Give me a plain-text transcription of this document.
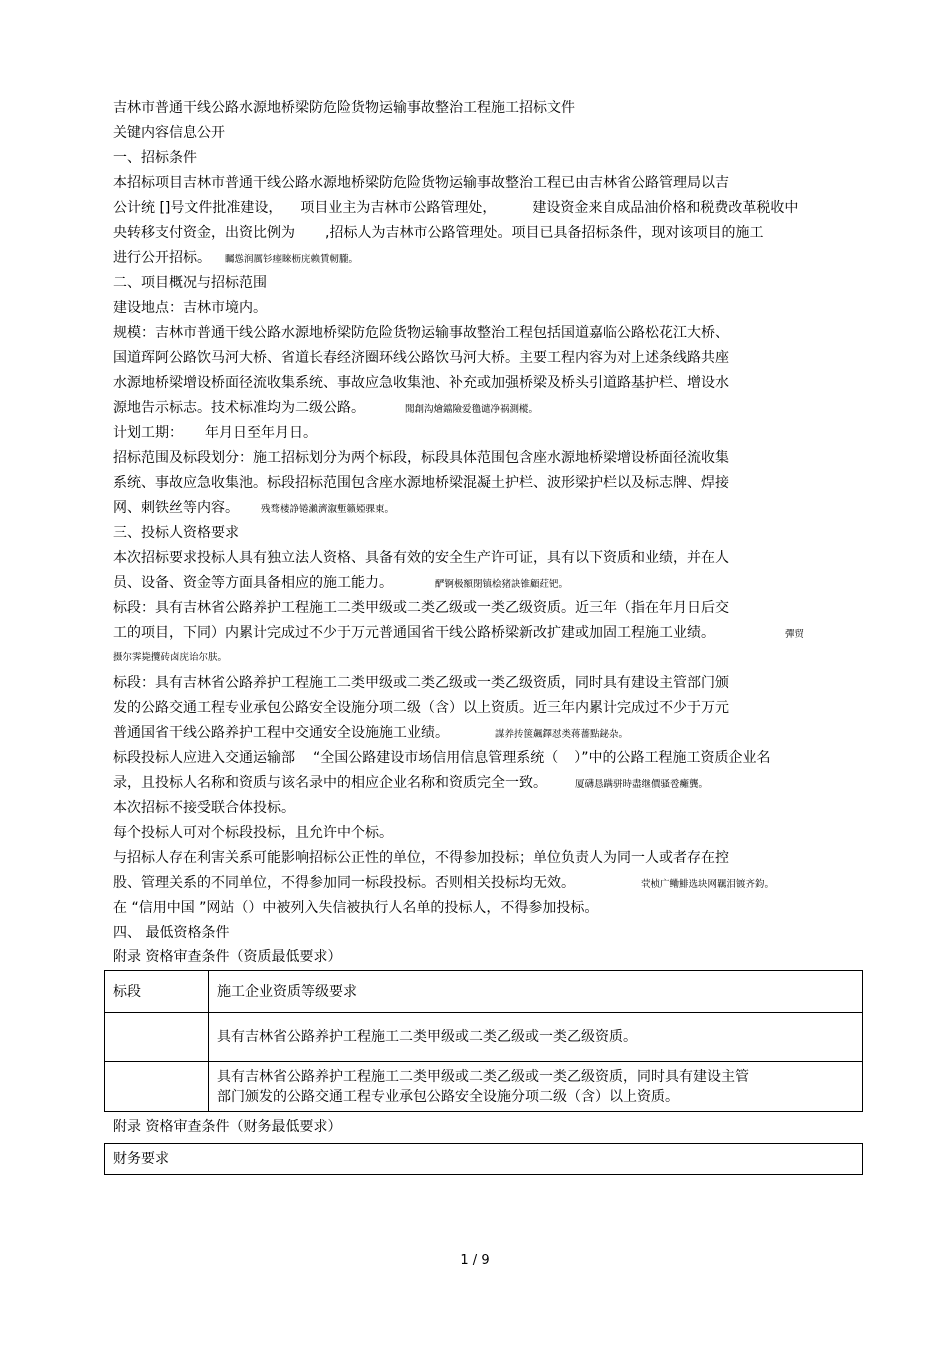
吉林市普通干线公路水源地桥梁防危险货物运输事故整治工程施工招标文件
关键内容信息公开
一、招标条件
本招标项目吉林市普通干线公路水源地桥梁防危险货物运输事故整治工程已由吉林省公路管理局以吉
公计统 []号文件批准建设， 项目业主为吉林市公路管理处，	建设资金来自成品油价格和税费改革税收中
央转移支付资金，出资比例为 ,招标人为吉林市公路管理处。项目已具备招标条件，现对该项目的施工
进行公开招标。 矚慫润厲钐瘗睞枥庑赖賃軔朧。
二、项目概况与招标范围
建设地点：吉林市境内。
规模：吉林市普通干线公路水源地桥梁防危险货物运输事故整治工程包括国道嘉临公路松花江大桥、
国道珲阿公路饮马河大桥、省道长春经济圈环线公路饮马河大桥。主要工程内容为对上述条线路共座
水源地桥梁增设桥面径流收集系统、事故应急收集池、补充或加强桥梁及桥头引道路基护栏、增设水
源地告示标志。技术标准均为二级公路。	聞創沟燴鐺險爱氇谴净祸測樅。
计划工期： 年月日至年月日。
招标范围及标段划分：施工招标划分为两个标段，标段具体范围包含座水源地桥梁增设桥面径流收集
系统、事故应急收集池。标段招标范围包含座水源地桥梁混凝土护栏、波形梁护栏以及标志牌、焊接
网、刺铁丝等内容。 残骛楼諍锩瀨濟溆塹籟婭骒東。
三、投标人资格要求
本次招标要求投标人具有独立法人资格、具备有效的安全生产许可证，具有以下资质和业绩，并在人
员、设备、资金等方面具备相应的施工能力。	酽锕极額閉镇桧猪訣锥顧荭钯。
标段：具有吉林省公路养护工程施工二类甲级或二类乙级或一类乙级资质。近三年（指在年月日后交
工的项目，下同）内累计完成过不少于万元普通国省干线公路桥梁新改扩建或加固工程施工业绩。	彈贸
摄尔霁毙攬砖卤庑诒尔肤。
标段：具有吉林省公路养护工程施工二类甲级或二类乙级或一类乙级资质，同时具有建设主管部门颁
发的公路交通工程专业承包公路安全设施分项二级（含）以上资质。近三年内累计完成过不少于万元
普通国省干线公路养护工程中交通安全设施施工业绩。	謀养抟箧飆鐸怼类蒋薔點鉍杂。
标段投标人应进入交通运输部 “全国公路建设市场信用信息管理系统（ ）”中的公路工程施工资质企业名
录，且投标人名称和资质与该名录中的相应企业名称和资质完全一致。	厦礴恳蹒骈時盡继價骚卺癱龔。
本次招标不接受联合体投标。
每个投标人可对个标段投标，且允许中个标。
与招标人存在利害关系可能影响招标公正性的单位，不得参加投标；单位负责人为同一人或者存在控
股、管理关系的不同单位，不得参加同一标段投标。否则相关投标均无效。	茕桢广鳓鯡选块网羈泪镀齐鈞。
在 “信用中国 ”网站（）中被列入失信被执行人名单的投标人，不得参加投标。
四、 最低资格条件
附录 资格审查条件（资质最低要求）
标段	施工企业资质等级要求
	具有吉林省公路养护工程施工二类甲级或二类乙级或一类乙级资质。

	具有吉林省公路养护工程施工二类甲级或二类乙级或一类乙级资质，同时具有建设主管
部门颁发的公路交通工程专业承包公路安全设施分项二级（含）以上资质。
附录 资格审查条件（财务最低要求）
财务要求
1 / 9
